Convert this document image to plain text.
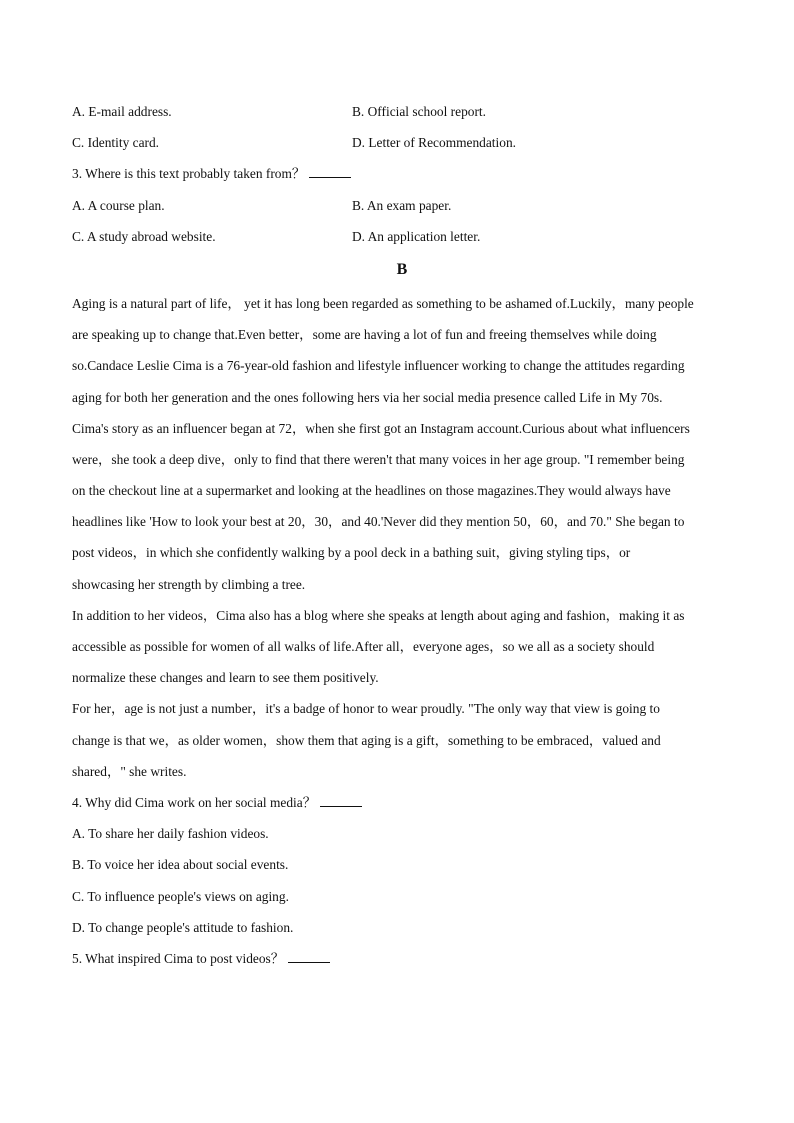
A. E-mail address.	B. Official school report.
C. Identity card.	D. Letter of Recommendation.
3. Where is this text probably taken from？
A. A course plan.	B. An exam paper.
C. A study abroad website.	D. An application letter.
B
Aging is a natural part of life， yet it has long been regarded as something to be ashamed of.Luckily，many people
are speaking up to change that.Even better，some are having a lot of fun and freeing themselves while doing
so.Candace Leslie Cima is a 76-year-old fashion and lifestyle influencer working to change the attitudes regarding
aging for both her generation and the ones following hers via her social media presence called Life in My 70s.
Cima's story as an influencer began at 72，when she first got an Instagram account.Curious about what influencers
were，she took a deep dive，only to find that there weren't that many voices in her age group. "I remember being
on the checkout line at a supermarket and looking at the headlines on those magazines.They would always have
headlines like 'How to look your best at 20，30，and 40.'Never did they mention 50，60，and 70." She began to
post videos，in which she confidently walking by a pool deck in a bathing suit，giving styling tips，or
showcasing her strength by climbing a tree.
In addition to her videos，Cima also has a blog where she speaks at length about aging and fashion，making it as
accessible as possible for women of all walks of life.After all，everyone ages，so we all as a society should
normalize these changes and learn to see them positively.
For her，age is not just a number，it's a badge of honor to wear proudly. "The only way that view is going to
change is that we，as older women，show them that aging is a gift，something to be embraced，valued and
shared，" she writes.
4. Why did Cima work on her social media？
A. To share her daily fashion videos.
B. To voice her idea about social events.
C. To influence people's views on aging.
D. To change people's attitude to fashion.
5. What inspired Cima to post videos？
